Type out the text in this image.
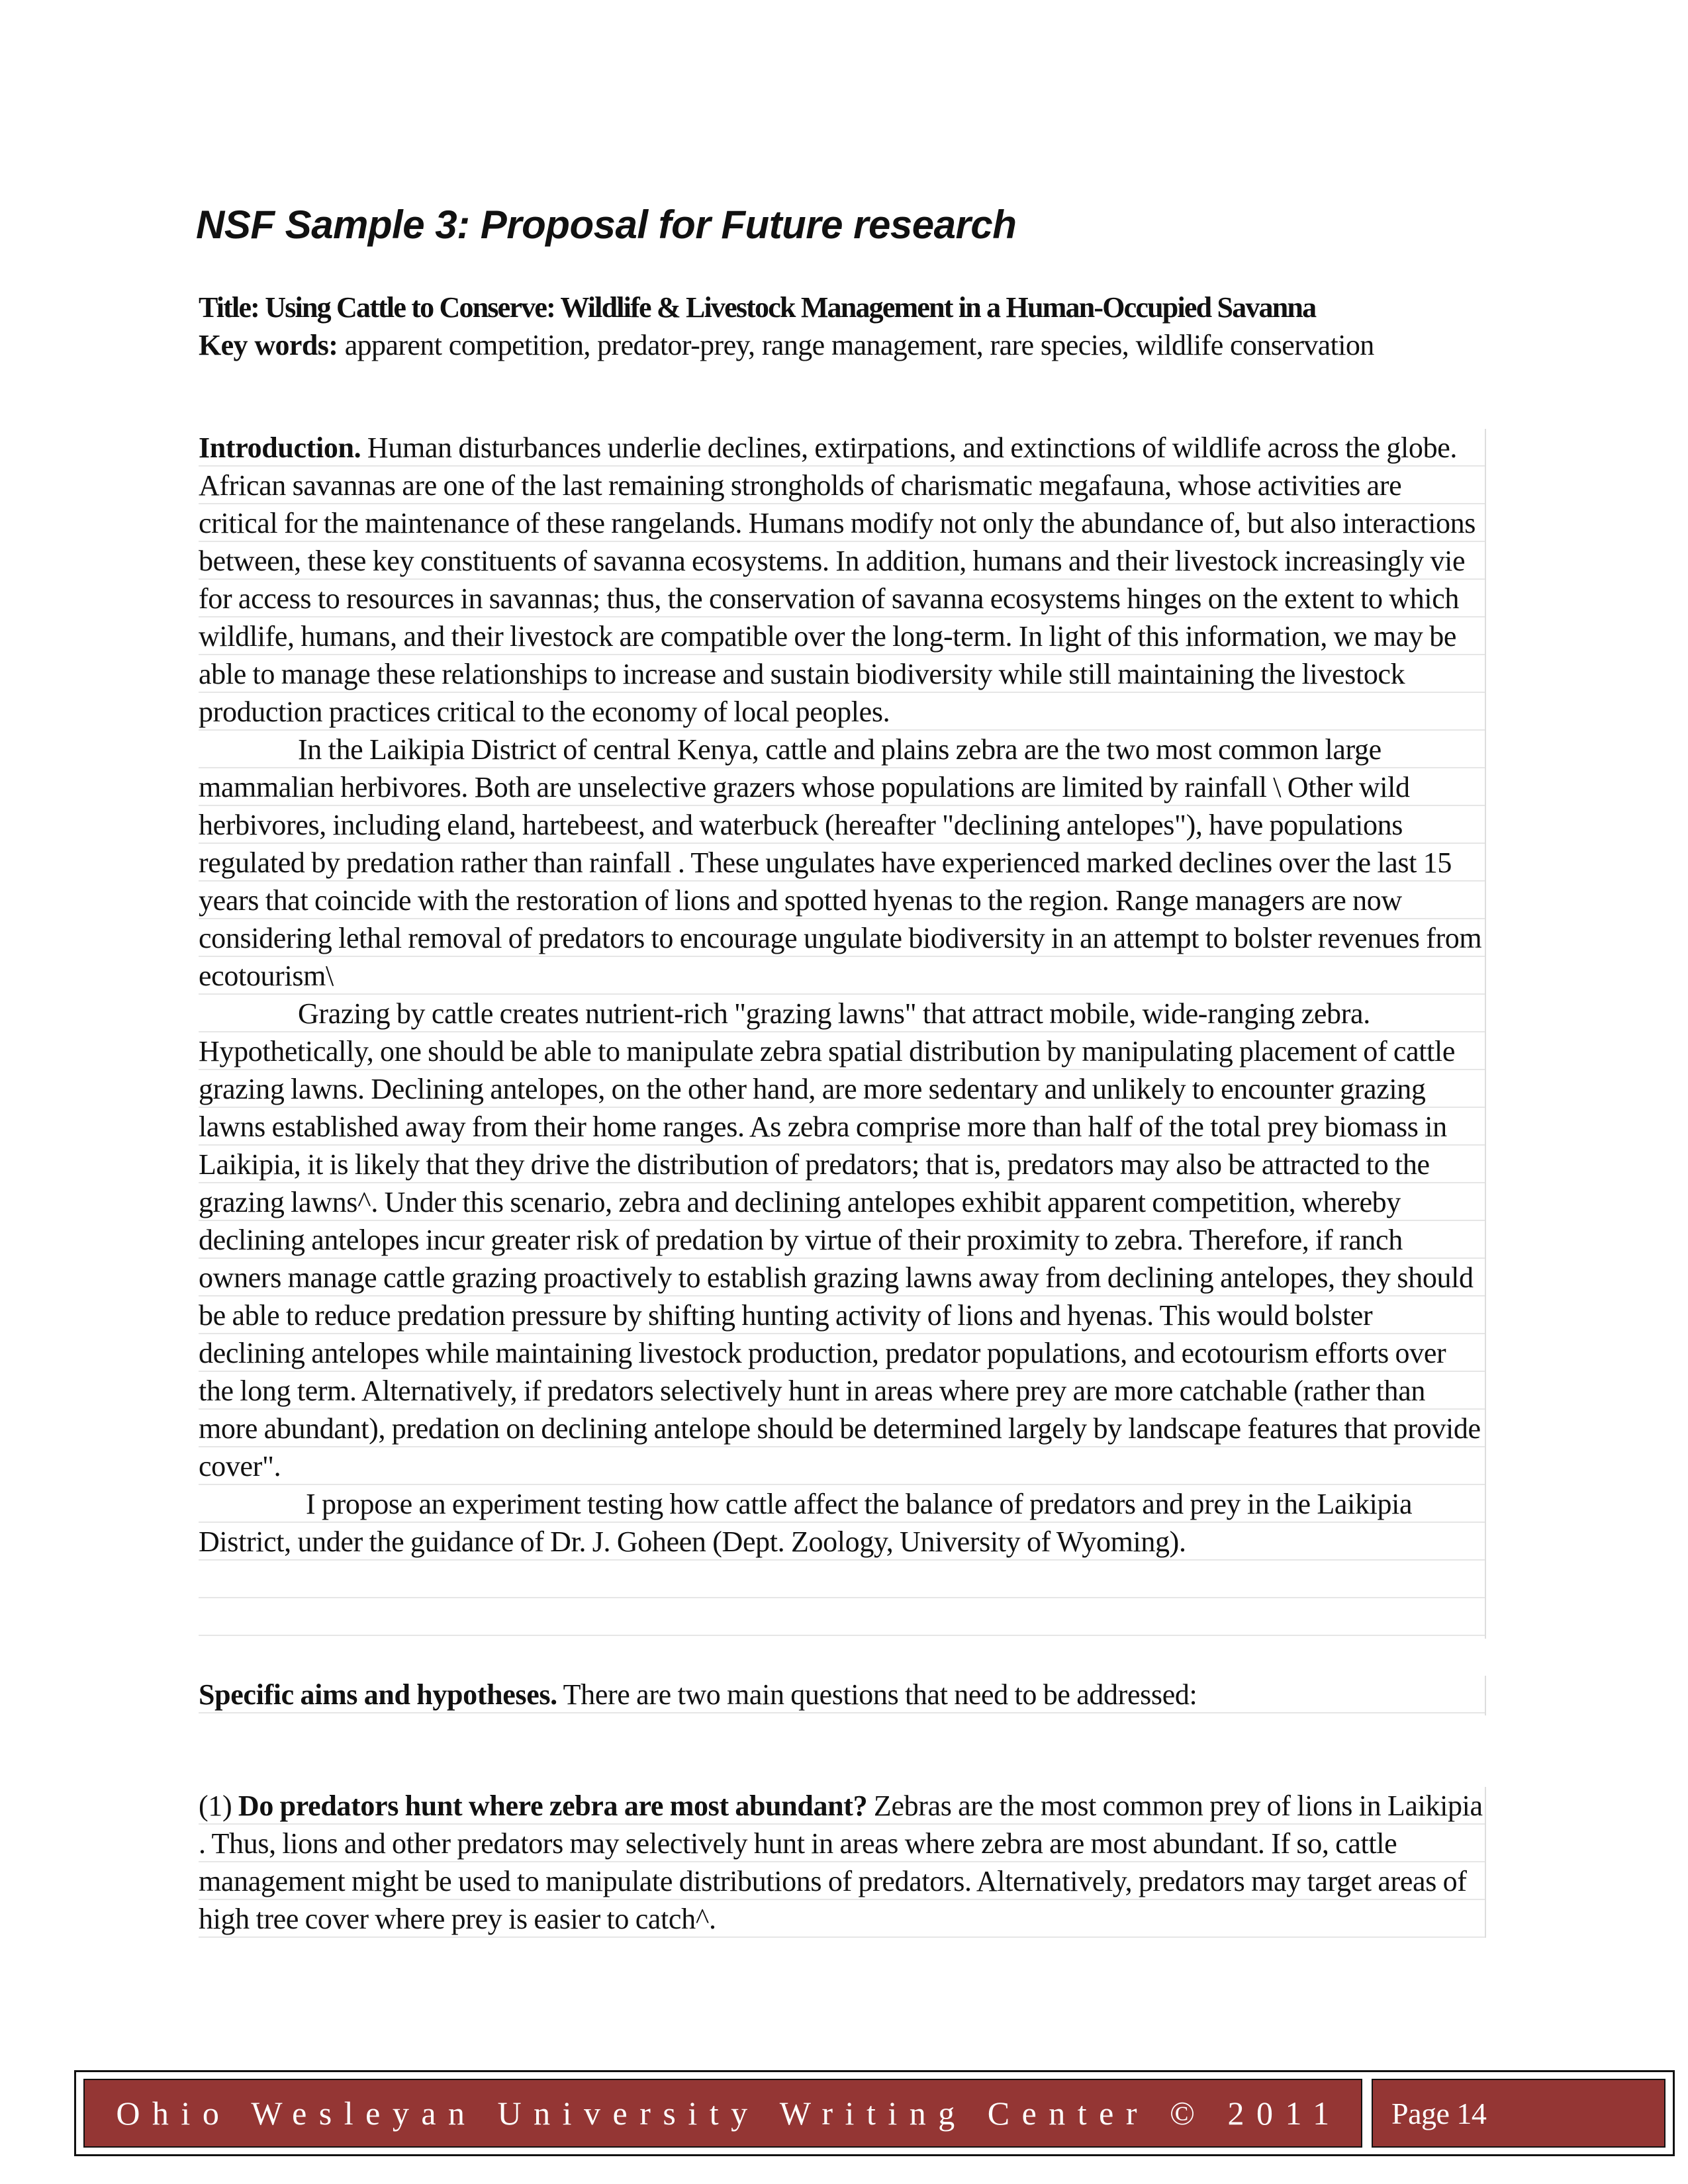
NSF Sample 3: Proposal for Future research
Title: Using Cattle to Conserve: Wildlife & Livestock Management in a Human-Occupied Savanna
Key words: apparent competition, predator-prey, range management, rare species, wildlife conservation

Introduction. Human disturbances underlie declines, extirpations, and extinctions of wildlife across the globe. African savannas are one of the last remaining strongholds of charismatic megafauna, whose activities are critical for the maintenance of these rangelands. Humans modify not only the abundance of, but also interactions between, these key constituents of savanna ecosystems. In addition, humans and their livestock increasingly vie for access to resources in savannas; thus, the conservation of savanna ecosystems hinges on the extent to which wildlife, humans, and their livestock are compatible over the long-term. In light of this information, we may be able to manage these relationships to increase and sustain biodiversity while still maintaining the livestock production practices critical to the economy of local peoples.

In the Laikipia District of central Kenya, cattle and plains zebra are the two most common large mammalian herbivores. Both are unselective grazers whose populations are limited by rainfall \ Other wild herbivores, including eland, hartebeest, and waterbuck (hereafter "declining antelopes"), have populations regulated by predation rather than rainfall . These ungulates have experienced marked declines over the last 15 years that coincide with the restoration of lions and spotted hyenas to the region. Range managers are now considering lethal removal of predators to encourage ungulate biodiversity in an attempt to bolster revenues from ecotourism\

Grazing by cattle creates nutrient-rich "grazing lawns" that attract mobile, wide-ranging zebra. Hypothetically, one should be able to manipulate zebra spatial distribution by manipulating placement of cattle grazing lawns. Declining antelopes, on the other hand, are more sedentary and unlikely to encounter grazing lawns established away from their home ranges. As zebra comprise more than half of the total prey biomass in Laikipia, it is likely that they drive the distribution of predators; that is, predators may also be attracted to the grazing lawns^. Under this scenario, zebra and declining antelopes exhibit apparent competition, whereby declining antelopes incur greater risk of predation by virtue of their proximity to zebra. Therefore, if ranch owners manage cattle grazing proactively to establish grazing lawns away from declining antelopes, they should be able to reduce predation pressure by shifting hunting activity of lions and hyenas. This would bolster declining antelopes while maintaining livestock production, predator populations, and ecotourism efforts over the long term. Alternatively, if predators selectively hunt in areas where prey are more catchable (rather than more abundant), predation on declining antelope should be determined largely by landscape features that provide cover".

I propose an experiment testing how cattle affect the balance of predators and prey in the Laikipia District, under the guidance of Dr. J. Goheen (Dept. Zoology, University of Wyoming).

Specific aims and hypotheses. There are two main questions that need to be addressed:

(1) Do predators hunt where zebra are most abundant? Zebras are the most common prey of lions in Laikipia . Thus, lions and other predators may selectively hunt in areas where zebra are most abundant. If so, cattle management might be used to manipulate distributions of predators. Alternatively, predators may target areas of high tree cover where prey is easier to catch^.

Ohio Wesleyan University Writing Center © 2011 Page 14
